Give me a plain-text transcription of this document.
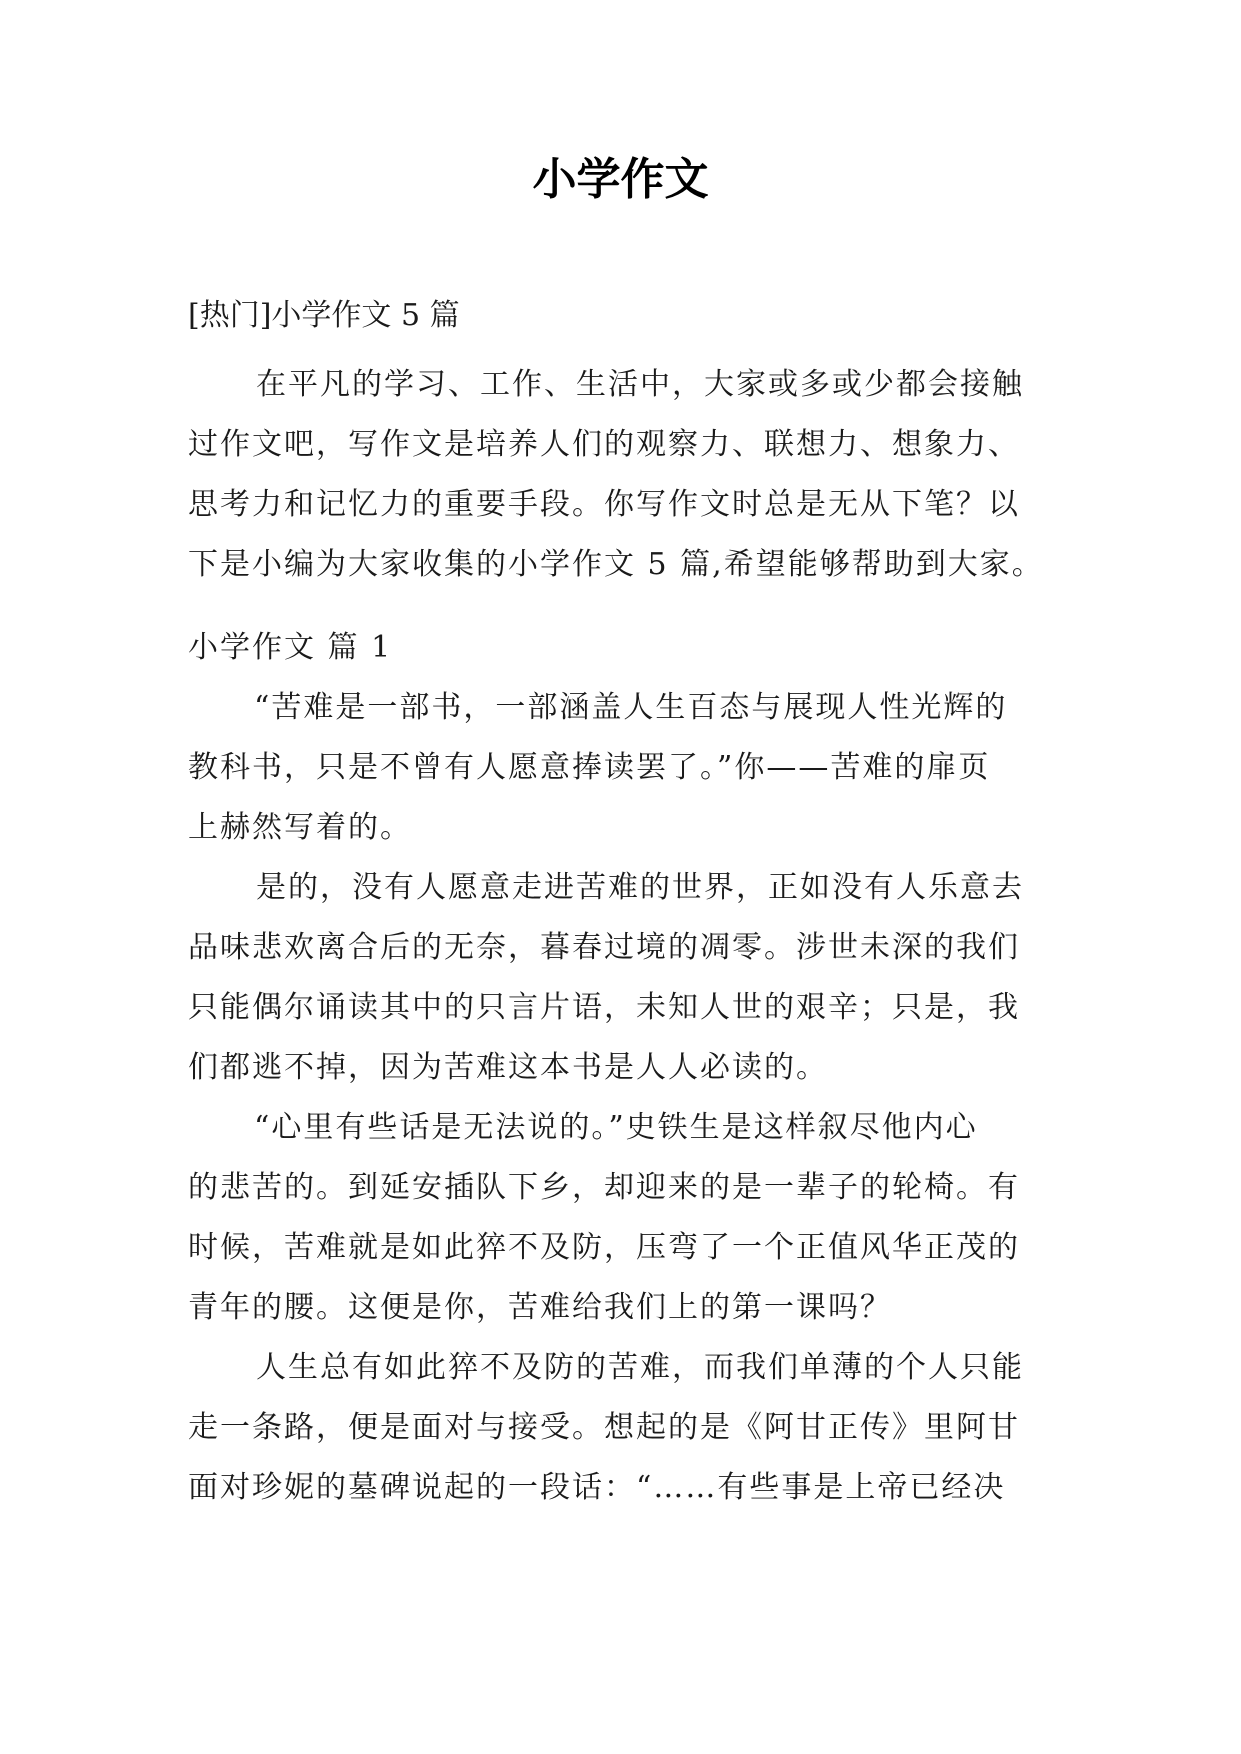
小学作文
[热门]小学作文 5 篇
在平凡的学习、工作、生活中，大家或多或少都会接触
过作文吧，写作文是培养人们的观察力、联想力、想象力、
思考力和记忆力的重要手段。你写作文时总是无从下笔？以
下是小编为大家收集的小学作文 5 篇,希望能够帮助到大家。
小学作文 篇 1
“苦难是一部书，一部涵盖人生百态与展现人性光辉的
教科书，只是不曾有人愿意捧读罢了。”你——苦难的扉页
上赫然写着的。
是的，没有人愿意走进苦难的世界，正如没有人乐意去
品味悲欢离合后的无奈，暮春过境的凋零。涉世未深的我们
只能偶尔诵读其中的只言片语，未知人世的艰辛；只是，我
们都逃不掉，因为苦难这本书是人人必读的。
“心里有些话是无法说的。”史铁生是这样叙尽他内心
的悲苦的。到延安插队下乡，却迎来的是一辈子的轮椅。有
时候，苦难就是如此猝不及防，压弯了一个正值风华正茂的
青年的腰。这便是你，苦难给我们上的第一课吗？
人生总有如此猝不及防的苦难，而我们单薄的个人只能
走一条路，便是面对与接受。想起的是《阿甘正传》里阿甘
面对珍妮的墓碑说起的一段话：“……有些事是上帝已经决
